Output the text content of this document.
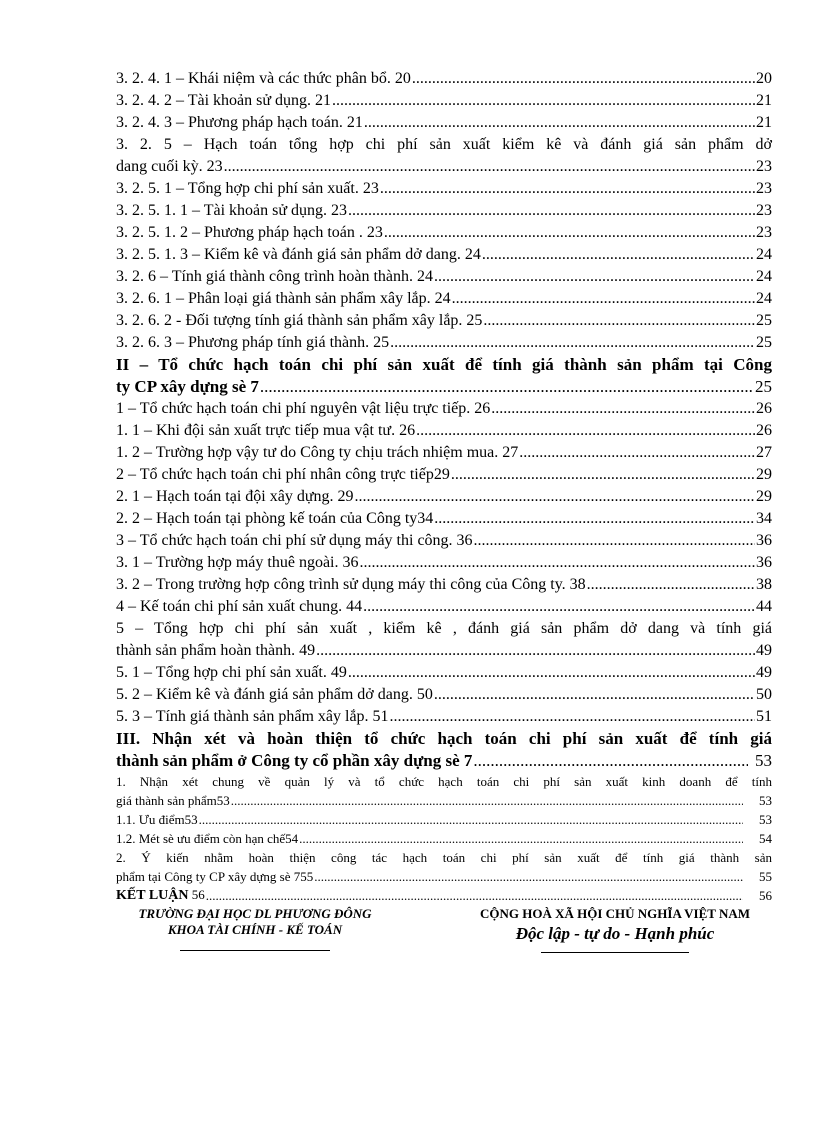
3. 2. 4. 1 – Khái niệm và các thức phân bổ. 20 .....	20
3. 2. 4. 2 – Tài khoản sử dụng. 21 .....	21
3. 2. 4. 3 – Phương pháp hạch toán. 21 .....	21
3. 2. 5 – Hạch toán tổng hợp chi phí sản xuất kiểm kê và đánh giá sản phẩm dở
dang cuối kỳ. 23 .....	23
3. 2. 5. 1 – Tổng hợp chi phí sản xuất. 23 .....	23
3. 2. 5. 1. 1 – Tài khoản sử dụng. 23 .....	23
3. 2. 5. 1. 2 – Phương pháp hạch toán . 23 .....	23
3. 2. 5. 1. 3 – Kiểm kê và đánh giá sản phẩm dở dang. 24 .....	24
3. 2. 6 – Tính giá thành công trình hoàn thành. 24 .....	24
3. 2. 6. 1 – Phân loại giá thành sản phẩm xây lắp. 24 .....	24
3. 2. 6. 2 - Đối tượng tính giá thành sản phẩm xây lắp. 25 .....	25
3. 2. 6. 3 – Phương pháp tính giá thành. 25 .....	25
II – Tổ chức hạch toán chi phí sản xuất để tính giá thành sản phẩm tại Công
ty CP xây dựng sè 7 .....	25
1 – Tổ chức hạch toán chi phí nguyên vật liệu trực tiếp. 26 .....	26
1. 1 – Khi đội sản xuất trực tiếp mua vật tư. 26 .....	26
1. 2 – Trường hợp vậy tư do Công ty chịu trách nhiệm mua. 27 .....	27
2 – Tổ chức hạch toán chi phí nhân công trực tiếp29 .....	29
2. 1 – Hạch toán tại đội xây dựng. 29 .....	29
2. 2 – Hạch toán tại phòng kế toán của Công ty34 .....	34
3 – Tổ chức hạch toán chi phí sử dụng máy thi công. 36 .....	36
3. 1 – Trường hợp máy thuê ngoài. 36 .....	36
3. 2 – Trong trường hợp công trình sử dụng máy thi công của Công ty. 38 .....	38
4 – Kế toán chi phí sản xuất chung. 44 .....	44
5 – Tổng hợp chi phí sản xuất , kiểm kê , đánh giá sản phẩm dở dang và tính giá
thành sản phẩm hoàn thành. 49 .....	49
5. 1 – Tổng hợp chi phí sản xuất. 49 .....	49
5. 2 – Kiểm kê và đánh giá sản phẩm dở dang. 50 .....	50
5. 3 – Tính giá thành sản phẩm xây lắp. 51 .....	51
III. Nhận xét và hoàn thiện tổ chức hạch toán chi phí sản xuất để tính giá
thành sản phẩm ở Công ty cổ phần xây dựng sè 7 .....	53
1. Nhận xét chung về quản lý và tổ chức hạch toán chi phí sản xuất kinh doanh để tính
giá thành sản phẩm53 .....	53
1.1. Ưu điểm53 .....	53
1.2. Mét sè ưu điểm còn hạn chế54 .....	54
2. Ý kiến nhằm hoàn thiện công tác hạch toán chi phí sản xuất để tính giá thành sản
phẩm tại Công ty CP xây dựng sè 755 .....	55
KẾT LUẬN 56 .....	56
TRƯỜNG ĐẠI HỌC DL PHƯƠNG ĐÔNG
KHOA TÀI CHÍNH - KẾ TOÁN
CỘNG HOÀ XÃ HỘI CHỦ NGHĨA VIỆT NAM
Độc lập - tự do - Hạnh phúc
